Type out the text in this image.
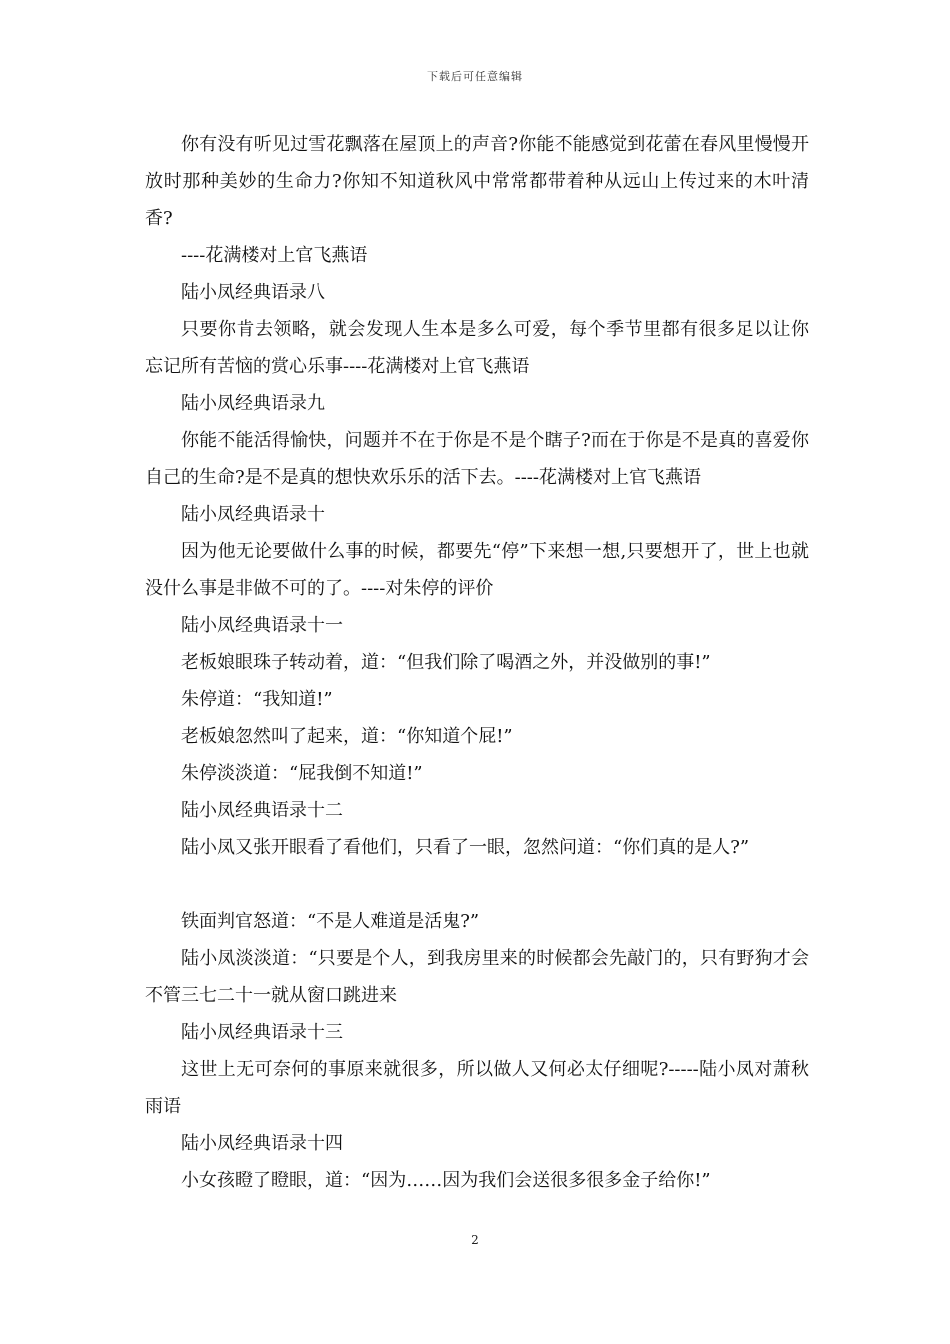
下载后可任意编辑

你有没有听见过雪花飘落在屋顶上的声音?你能不能感觉到花蕾在春风里慢慢开放时那种美妙的生命力?你知不知道秋风中常常都带着种从远山上传过来的木叶清香?

----花满楼对上官飞燕语

陆小凤经典语录八

只要你肯去领略，就会发现人生本是多么可爱，每个季节里都有很多足以让你忘记所有苦恼的赏心乐事----花满楼对上官飞燕语

陆小凤经典语录九

你能不能活得愉快，问题并不在于你是不是个瞎子?而在于你是不是真的喜爱你自己的生命?是不是真的想快欢乐乐的活下去。----花满楼对上官飞燕语

陆小凤经典语录十

因为他无论要做什么事的时候，都要先“停”下来想一想,只要想开了，世上也就没什么事是非做不可的了。----对朱停的评价

陆小凤经典语录十一

老板娘眼珠子转动着，道：“但我们除了喝酒之外，并没做别的事!”

朱停道：“我知道!”

老板娘忽然叫了起来，道：“你知道个屁!”

朱停淡淡道：“屁我倒不知道!”

陆小凤经典语录十二

陆小凤又张开眼看了看他们，只看了一眼，忽然问道：“你们真的是人?”

铁面判官怒道：“不是人难道是活鬼?”

陆小凤淡淡道：“只要是个人，到我房里来的时候都会先敲门的，只有野狗才会不管三七二十一就从窗口跳进来

陆小凤经典语录十三

这世上无可奈何的事原来就很多，所以做人又何必太仔细呢?-----陆小凤对萧秋雨语

陆小凤经典语录十四

小女孩瞪了瞪眼，道：“因为……因为我们会送很多很多金子给你!”

2
